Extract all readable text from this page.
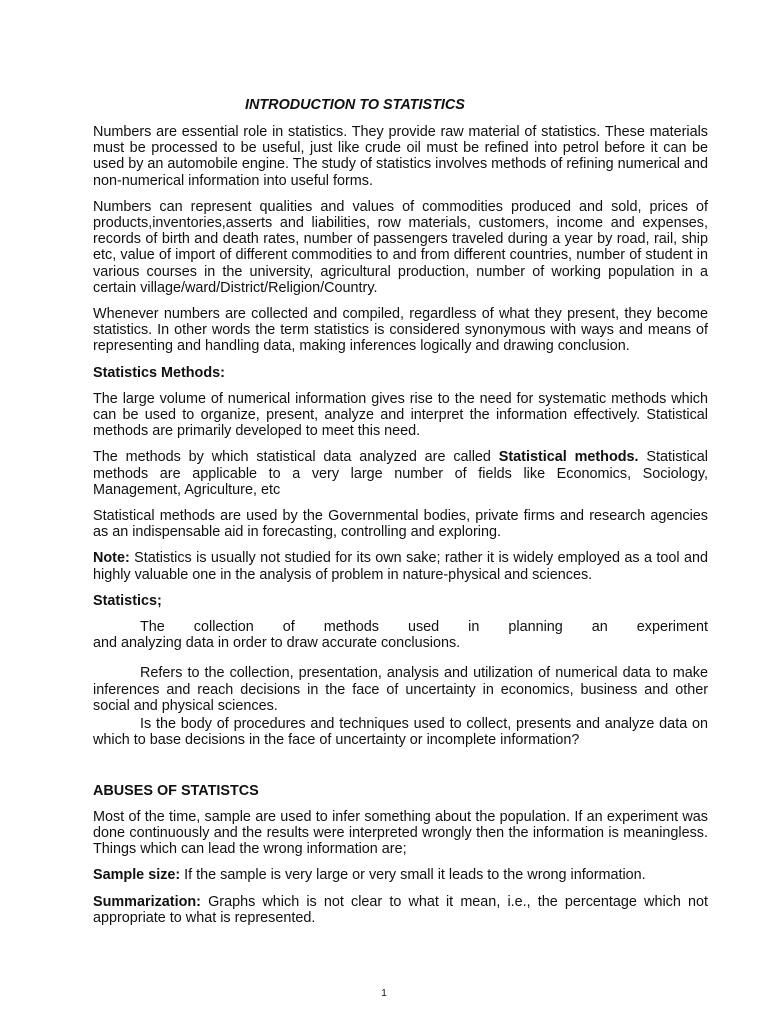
INTRODUCTION TO STATISTICS

Numbers are essential role in statistics. They provide raw material of statistics. These materials must be processed to be useful, just like crude oil must be refined into petrol before it can be used by an automobile engine. The study of statistics involves methods of refining numerical and non-numerical information into useful forms.

Numbers can represent qualities and values of commodities produced and sold, prices of products,inventories,asserts and liabilities, row materials, customers, income and expenses, records of birth and death rates, number of passengers traveled during a year by road, rail, ship etc, value of import of different commodities to and from different countries, number of student in various courses in the university, agricultural production, number of working population in a certain village/ward/District/Religion/Country.

Whenever numbers are collected and compiled, regardless of what they present, they become statistics. In other words the term statistics is considered synonymous with ways and means of representing and handling data, making inferences logically and drawing conclusion.

Statistics Methods:

The large volume of numerical information gives rise to the need for systematic methods which can be used to organize, present, analyze and interpret the information effectively. Statistical methods are primarily developed to meet this need.

The methods by which statistical data analyzed are called Statistical methods. Statistical methods are applicable to a very large number of fields like Economics, Sociology, Management, Agriculture, etc

Statistical methods are used by the Governmental bodies, private firms and research agencies as an indispensable aid in forecasting, controlling and exploring.

Note: Statistics is usually not studied for its own sake; rather it is widely employed as a tool and highly valuable one in the analysis of problem in nature-physical and sciences.

Statistics;

The collection of methods used in planning an experiment
and analyzing data in order to draw accurate conclusions.

Refers to the collection, presentation, analysis and utilization of numerical data to make inferences and reach decisions in the face of uncertainty in economics, business and other social and physical sciences.

Is the body of procedures and techniques used to collect, presents and analyze data on which to base decisions in the face of uncertainty or incomplete information?

ABUSES OF STATISTCS

Most of the time, sample are used to infer something about the population. If an experiment was done continuously and the results were interpreted wrongly then the information is meaningless. Things which can lead the wrong information are;

Sample size: If the sample is very large or very small it leads to the wrong information.

Summarization: Graphs which is not clear to what it mean, i.e., the percentage which not appropriate to what is represented.

1
